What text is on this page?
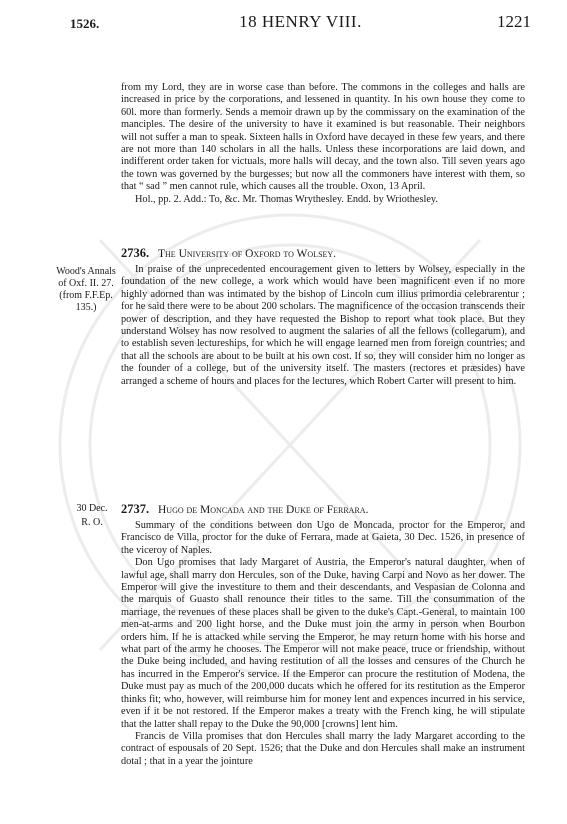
1526.	18 HENRY VIII.	1221

from my Lord, they are in worse case than before. The commons in the colleges and halls are increased in price by the corporations, and lessened in quantity. In his own house they come to 60l. more than formerly. Sends a memoir drawn up by the commissary on the examination of the manciples. The desire of the university to have it examined is but reasonable. Their neighbors will not suffer a man to speak. Sixteen halls in Oxford have decayed in these few years, and there are not more than 140 scholars in all the halls. Unless these incorporations are laid down, and indifferent order taken for victuals, more halls will decay, and the town also. Till seven years ago the town was governed by the burgesses; but now all the commoners have interest with them, so that “ sad ” men cannot rule, which causes all the trouble. Oxon, 13 April.

Hol., pp. 2. Add.: To, &c. Mr. Thomas Wrythesley. Endd. by Wriothesley.

2736. The University of Oxford to Wolsey.
Wood's Annals of Oxf. II. 27. (from F.F.Ep. 135.)

In praise of the unprecedented encouragement given to letters by Wolsey, especially in the foundation of the new college, a work which would have been magnificent even if no more highly adorned than was intimated by the bishop of Lincoln cum illius primordia celebrarentur ; for he said there were to be about 200 scholars. The magnificence of the occasion transcends their power of description, and they have requested the Bishop to report what took place. But they understand Wolsey has now resolved to augment the salaries of all the fellows (collegarum), and to establish seven lectureships, for which he will engage learned men from foreign countries; and that all the schools are about to be built at his own cost. If so, they will consider him no longer as the founder of a college, but of the university itself. The masters (rectores et præsides) have arranged a scheme of hours and places for the lectures, which Robert Carter will present to him.

30 Dec.
R. O.
2737. Hugo de Moncada and the Duke of Ferrara.

Summary of the conditions between don Ugo de Moncada, proctor for the Emperor, and Francisco de Villa, proctor for the duke of Ferrara, made at Gaieta, 30 Dec. 1526, in presence of the viceroy of Naples.

Don Ugo promises that lady Margaret of Austria, the Emperor's natural daughter, when of lawful age, shall marry don Hercules, son of the Duke, having Carpi and Novo as her dower. The Emperor will give the investiture to them and their descendants, and Vespasian de Colonna and the marquis of Guasto shall renounce their titles to the same. Till the consummation of the marriage, the revenues of these places shall be given to the duke's Capt.-General, to maintain 100 men-at-arms and 200 light horse, and the Duke must join the army in person when Bourbon orders him. If he is attacked while serving the Emperor, he may return home with his horse and what part of the army he chooses. The Emperor will not make peace, truce or friendship, without the Duke being included, and having restitution of all the losses and censures of the Church he has incurred in the Emperor's service. If the Emperor can procure the restitution of Modena, the Duke must pay as much of the 200,000 ducats which he offered for its restitution as the Emperor thinks fit; who, however, will reimburse him for money lent and expences incurred in his service, even if it be not restored. If the Emperor makes a treaty with the French king, he will stipulate that the latter shall repay to the Duke the 90,000 [crowns] lent him.

Francis de Villa promises that don Hercules shall marry the lady Margaret according to the contract of espousals of 20 Sept. 1526; that the Duke and don Hercules shall make an instrument dotal ; that in a year the jointure
